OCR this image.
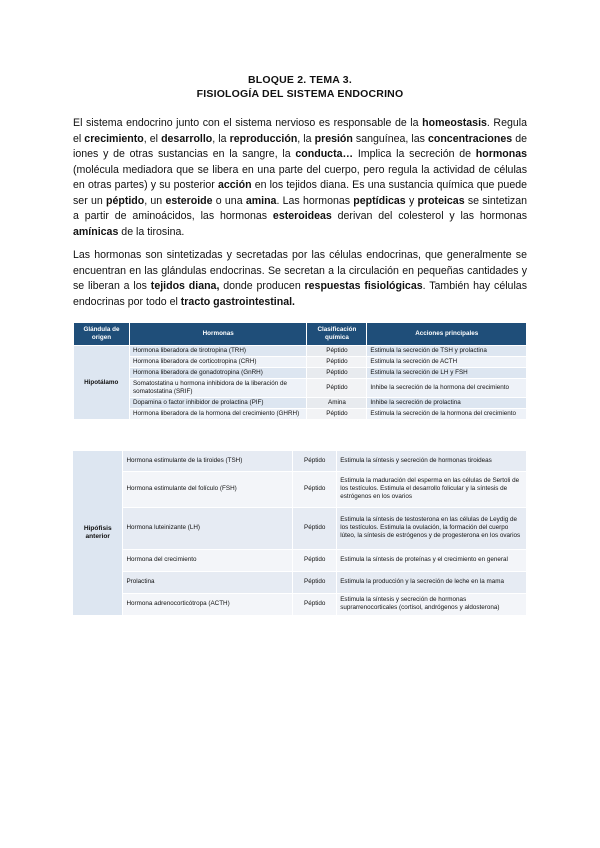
BLOQUE 2. TEMA 3.
FISIOLOGÍA DEL SISTEMA ENDOCRINO
El sistema endocrino junto con el sistema nervioso es responsable de la homeostasis. Regula el crecimiento, el desarrollo, la reproducción, la presión sanguínea, las concentraciones de iones y de otras sustancias en la sangre, la conducta… Implica la secreción de hormonas (molécula mediadora que se libera en una parte del cuerpo, pero regula la actividad de células en otras partes) y su posterior acción en los tejidos diana. Es una sustancia química que puede ser un péptido, un esteroide o una amina. Las hormonas peptídicas y proteicas se sintetizan a partir de aminoácidos, las hormonas esteroideas derivan del colesterol y las hormonas amínicas de la tirosina.
Las hormonas son sintetizadas y secretadas por las células endocrinas, que generalmente se encuentran en las glándulas endocrinas. Se secretan a la circulación en pequeñas cantidades y se liberan a los tejidos diana, donde producen respuestas fisiológicas. También hay células endocrinas por todo el tracto gastrointestinal.
Glándula de origen	Hormonas	Clasificación química	Acciones principales
Hipotálamo	Hormona liberadora de tirotropina (TRH)	Péptido	Estimula la secreción de TSH y prolactina
	Hormona liberadora de corticotropina (CRH)	Péptido	Estimula la secreción de ACTH
	Hormona liberadora de gonadotropina (GnRH)	Péptido	Estimula la secreción de LH y FSH
	Somatostatina u hormona inhibidora de la liberación de somatostatina (SRIF)	Péptido	Inhibe la secreción de la hormona del crecimiento
	Dopamina o factor inhibidor de prolactina (PIF)	Amina	Inhibe la secreción de prolactina
	Hormona liberadora de la hormona del crecimiento (GHRH)	Péptido	Estimula la secreción de la hormona del crecimiento
Hipófisis anterior	Hormona estimulante de la tiroides (TSH)	Péptido	Estimula la síntesis y secreción de hormonas tiroideas
	Hormona estimulante del folículo (FSH)	Péptido	Estimula la maduración del esperma en las células de Sertoli de los testículos. Estimula el desarrollo folicular y la síntesis de estrógenos en los ovarios
	Hormona luteinizante (LH)	Péptido	Estimula la síntesis de testosterona en las células de Leydig de los testículos. Estimula la ovulación, la formación del cuerpo lúteo, la síntesis de estrógenos y de progesterona en los ovarios
	Hormona del crecimiento	Péptido	Estimula la síntesis de proteínas y el crecimiento en general
	Prolactina	Péptido	Estimula la producción y la secreción de leche en la mama
	Hormona adrenocorticótropa (ACTH)	Péptido	Estimula la síntesis y secreción de hormonas suprarrenocorticales (cortisol, andrógenos y aldosterona)
